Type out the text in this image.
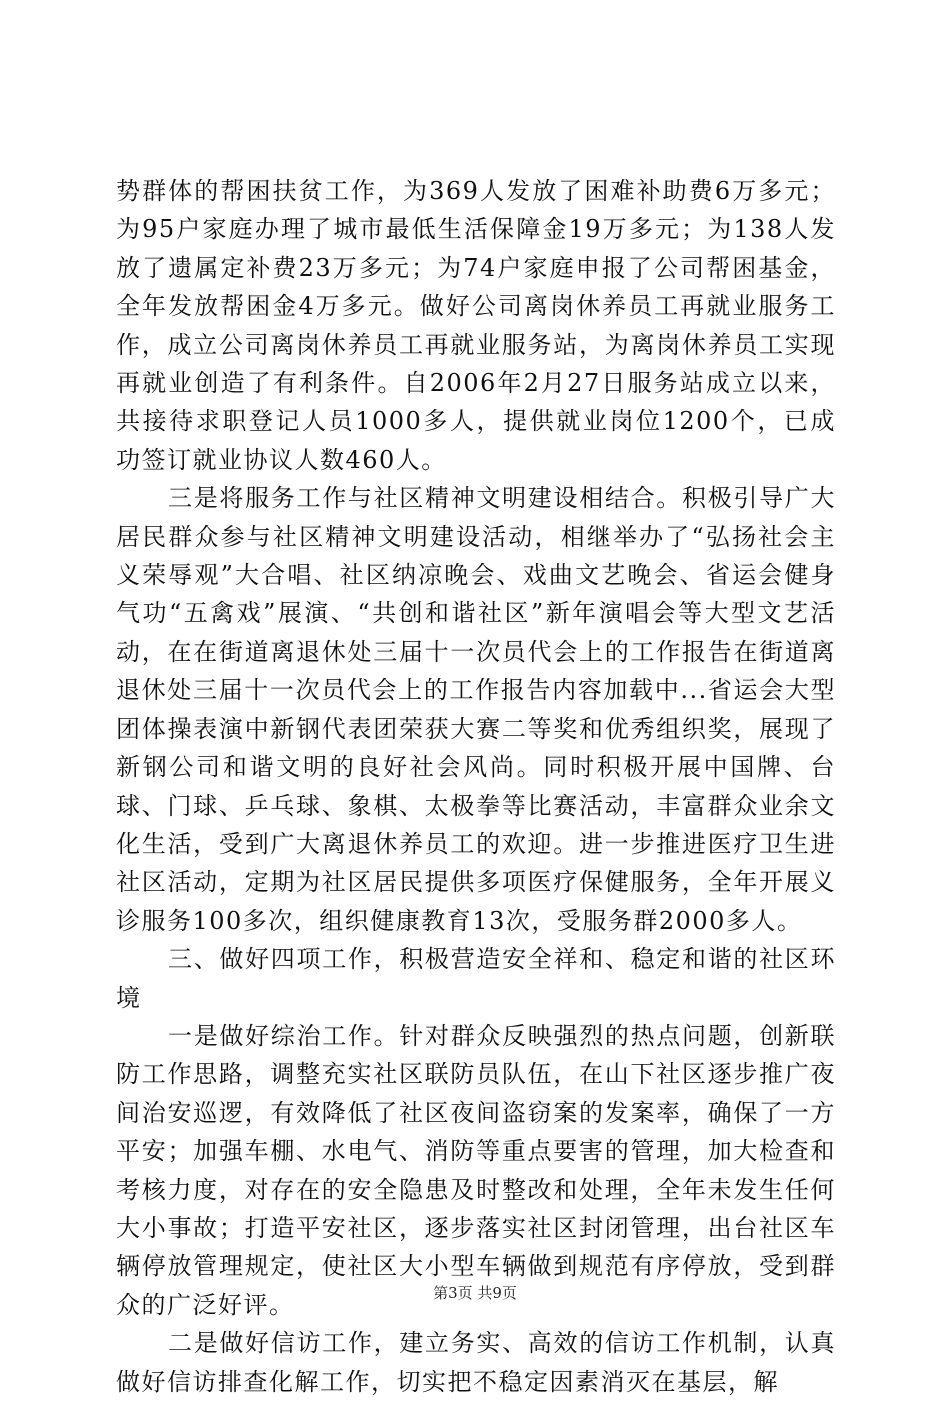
势群体的帮困扶贫工作，为369人发放了困难补助费6万多元；为95户家庭办理了城市最低生活保障金19万多元；为138人发放了遗属定补费23万多元；为74户家庭申报了公司帮困基金，全年发放帮困金4万多元。做好公司离岗休养员工再就业服务工作，成立公司离岗休养员工再就业服务站，为离岗休养员工实现再就业创造了有利条件。自2006年2月27日服务站成立以来，共接待求职登记人员1000多人，提供就业岗位1200个，已成功签订就业协议人数460人。

三是将服务工作与社区精神文明建设相结合。积极引导广大居民群众参与社区精神文明建设活动，相继举办了“弘扬社会主义荣辱观”大合唱、社区纳凉晚会、戏曲文艺晚会、省运会健身气功“五禽戏”展演、“共创和谐社区”新年演唱会等大型文艺活动，在在街道离退休处三届十一次员代会上的工作报告在街道离退休处三届十一次员代会上的工作报告内容加载中...省运会大型团体操表演中新钢代表团荣获大赛二等奖和优秀组织奖，展现了新钢公司和谐文明的良好社会风尚。同时积极开展中国牌、台球、门球、乒乓球、象棋、太极拳等比赛活动，丰富群众业余文化生活，受到广大离退休养员工的欢迎。进一步推进医疗卫生进社区活动，定期为社区居民提供多项医疗保健服务，全年开展义诊服务100多次，组织健康教育13次，受服务群2000多人。

三、做好四项工作，积极营造安全祥和、稳定和谐的社区环境

一是做好综治工作。针对群众反映强烈的热点问题，创新联防工作思路，调整充实社区联防员队伍，在山下社区逐步推广夜间治安巡逻，有效降低了社区夜间盗窃案的发案率，确保了一方平安；加强车棚、水电气、消防等重点要害的管理，加大检查和考核力度，对存在的安全隐患及时整改和处理，全年未发生任何大小事故；打造平安社区，逐步落实社区封闭管理，出台社区车辆停放管理规定，使社区大小型车辆做到规范有序停放，受到群众的广泛好评。

二是做好信访工作，建立务实、高效的信访工作机制，认真做好信访排查化解工作，切实把不稳定因素消灭在基层，解

第3页 共9页
